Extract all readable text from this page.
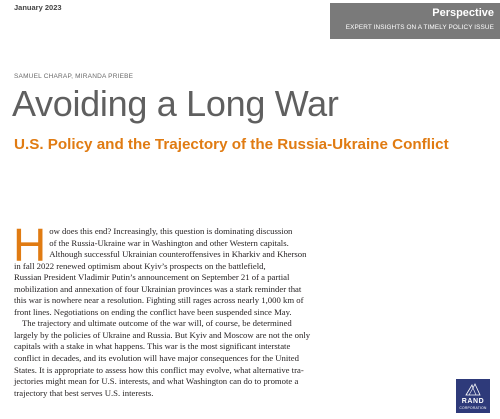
January 2023	Perspective
EXPERT INSIGHTS ON A TIMELY POLICY ISSUE
SAMUEL CHARAP, MIRANDA PRIEBE
Avoiding a Long War
U.S. Policy and the Trajectory of the Russia-Ukraine Conflict

H ow does this end? Increasingly, this question is dominating discussion
of the Russia-Ukraine war in Washington and other Western capitals.
Although successful Ukrainian counteroffensives in Kharkiv and Kherson
in fall 2022 renewed optimism about Kyiv’s prospects on the battlefield,
Russian President Vladimir Putin’s announcement on September 21 of a partial
mobilization and annexation of four Ukrainian provinces was a stark reminder that
this war is nowhere near a resolution. Fighting still rages across nearly 1,000 km of
front lines. Negotiations on ending the conflict have been suspended since May.

The trajectory and ultimate outcome of the war will, of course, be determined
largely by the policies of Ukraine and Russia. But Kyiv and Moscow are not the only
capitals with a stake in what happens. This war is the most significant interstate
conflict in decades, and its evolution will have major consequences for the United
States. It is appropriate to assess how this conflict may evolve, what alternative tra-
jectories might mean for U.S. interests, and what Washington can do to promote a
trajectory that best serves U.S. interests.

RAND
CORPORATION
